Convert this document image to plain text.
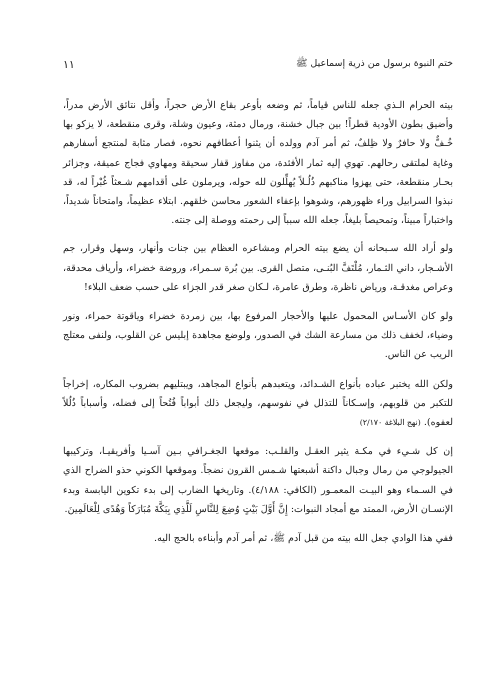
ختم النبوة برسول من ذرية إسماعيل ﷺ
١١

بيته الحرام الـذي جعله للناس قياماً، ثم وضعه بأوعر بقاع الأرض حجراً، وأقل نتائق الأرض مدراً، وأضيق بطون الأودية قطراً! بين جبال خشنة، ورمال دمثة، وعيون وشلة، وقرى منقطعة، لا يزكو بها خُـفٌّ ولا حافرٌ ولا ظِلفٌ، ثم أمر آدم وولده أن يثنوا أعطافهم نحوه، فصار مثابة لمنتجع أسفارهم وغاية لملتقى رحالهم. تهوي إليه ثمار الأفئدة، من مفاوز قفار سحيقة ومهاوي فجاج عميقة، وجزائر بحـار منقطعة، حتى يهزوا مناكبهم ذُلُـلاً يُهلِّلون لله حوله، ويرملون على أقدامهم شـعثاً غُبْراً له، قد نبذوا السرابيل وراء ظهورهم، وشوهوا بإعفاء الشعور محاسن خلقهم. ابتلاء عظيماً، وامتحاناً شديداً، واختباراً مبيناً، وتمحيصاً بليغاً، جعله الله سبباً إلى رحمته ووصلة إلى جنته.

ولو أراد الله سـبحانه أن يضع بيته الحرام ومشاعره العظام بين جنات وأنهار، وسهل وقرار، جم الأشـجار، داني الثـمار، مُلْتَفَّ البُنـى، متصل القرى. بين بُرة سـمراء، وروضة خضراء، وأرياف محدقة، وعراص مغدقـة، ورياض ناظرة، وطرق عامرة، لـكان صغر قدر الجزاء على حسب ضعف البلاء!

ولو كان الأسـاس المحمول عليها والأحجار المرفوع بها، بين زمردة خضراء وياقوتة حمراء، ونور وضياء، لخفف ذلك من مسارعة الشك في الصدور، ولوضع مجاهدة إبليس عن القلوب، ولنفى معتلج الريب عن الناس.

ولكن الله يختبر عباده بأنواع الشـدائد، ويتعبدهم بأنواع المجاهد، ويبتليهم بضروب المكاره، إخراجاً للتكبر من قلوبهم، وإسـكاناً للتذلل في نفوسهم، وليجعل ذلك أبواباً فُتُحاً إلى فضله، وأسباباً ذُلُلاً لعفوه). (نهج البلاغة ٢/١٧٠)

إن كل شـيء في مكـة يثير العقـل والقلـب: موقعها الجغـرافي بـين آسـيا وأفريقيـا، وتركيبها الجيولوجي من رمال وجبال داكنة أشبعتها شـمس القرون نضجاً. وموقعها الكوني حذو الضراح الذي في السـماء وهو البيـت المعمـور (الكافي: ٤/١٨٨). وتاريخها الضارب إلى بدء تكوين اليابسة وبدء الإنسـان الأرض، الممتد مع أمجاد النبوات: إِنَّ أَوَّلَ بَيْتٍ وُضِعَ لِلنَّاسِ لَلَّذِي بِبَكَّةَ مُبَارَكاً وَهُدًى لِلْعَالَمِينَ.

ففي هذا الوادي جعل الله بيته من قبل آدم ﷺ، ثم أمر آدم وأبناءه بالحج اليه.
